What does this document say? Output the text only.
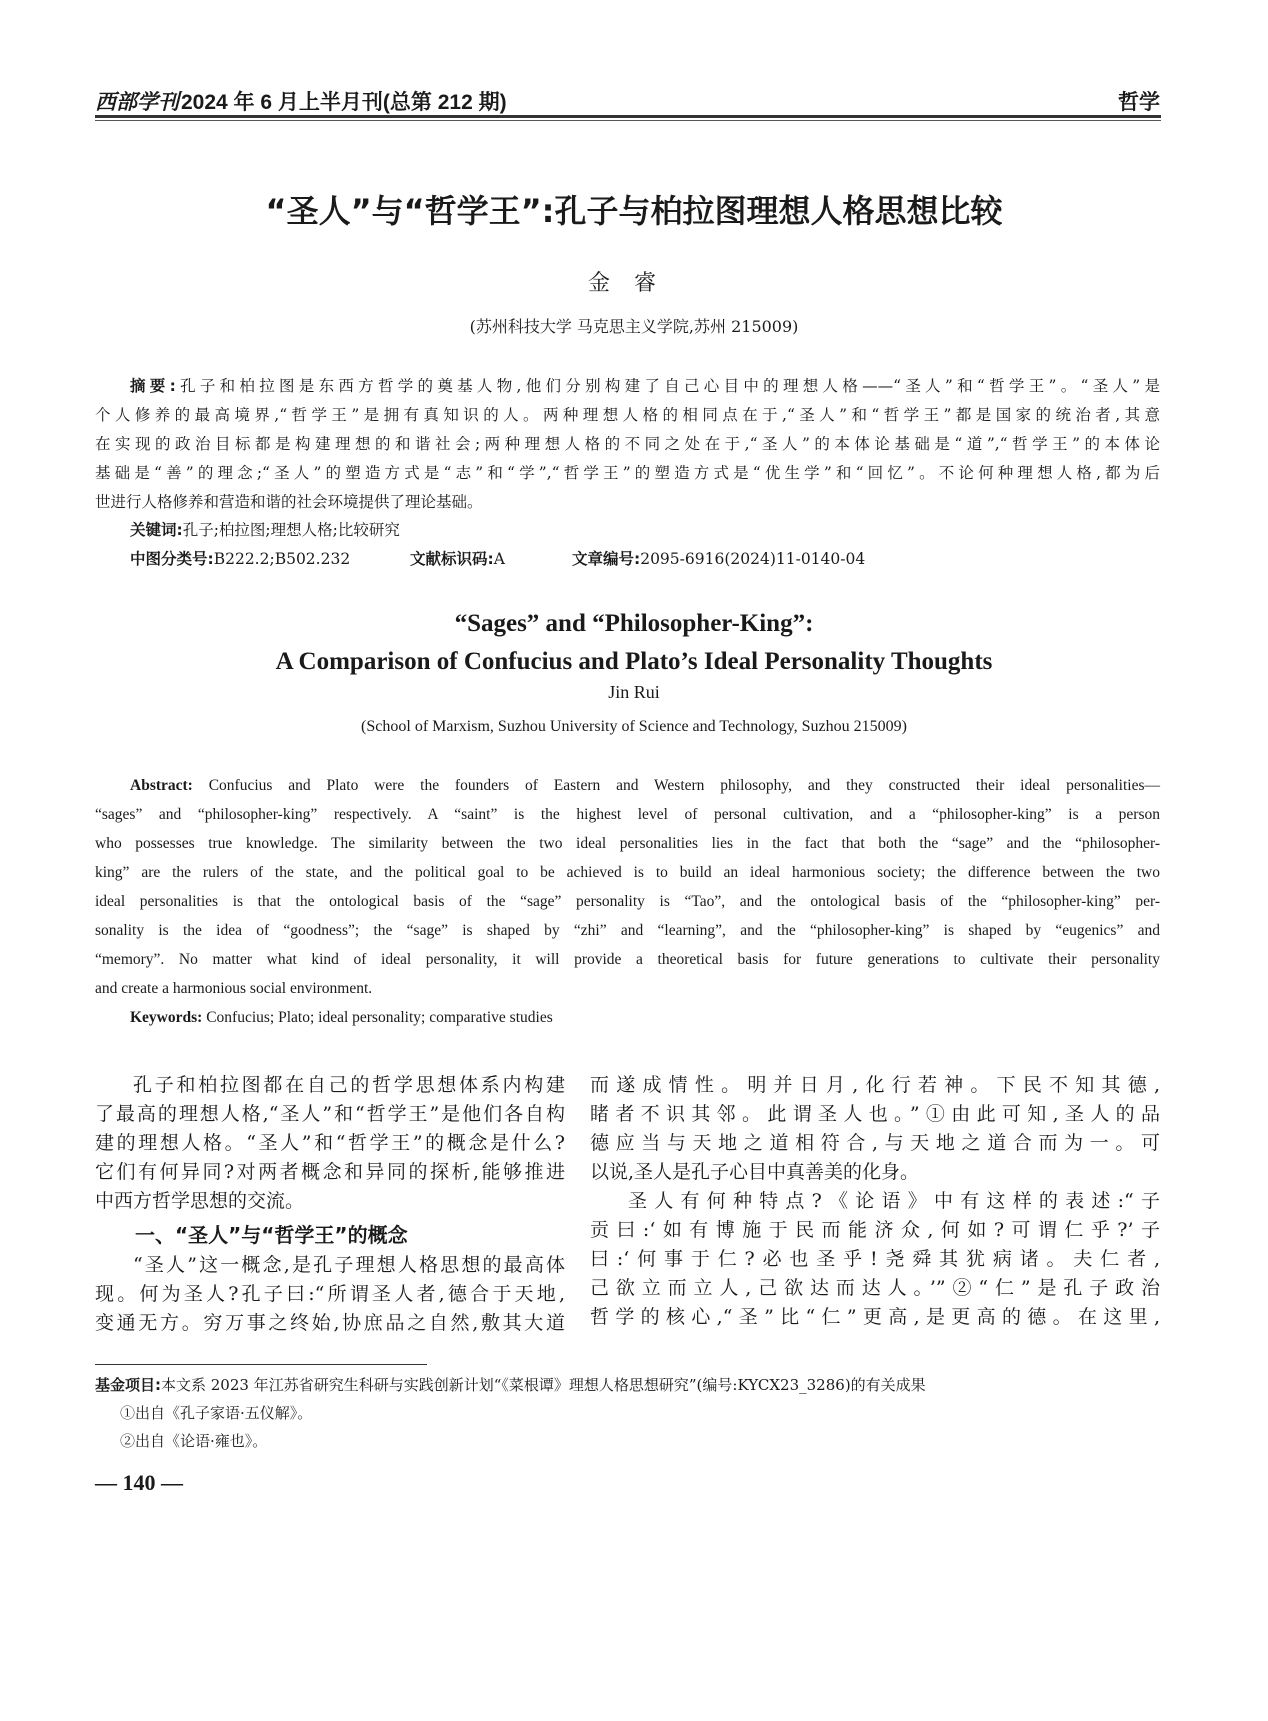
西部学刊2024 年 6 月上半月刊(总第 212 期)	哲学
“圣人”与“哲学王”:孔子与柏拉图理想人格思想比较
金睿
(苏州科技大学 马克思主义学院,苏州 215009)
摘要:孔子和柏拉图是东西方哲学的奠基人物,他们分别构建了自己心目中的理想人格——“圣人”和“哲学王”。“圣人”是
个人修养的最高境界,“哲学王”是拥有真知识的人。两种理想人格的相同点在于,“圣人”和“哲学王”都是国家的统治者,其意
在实现的政治目标都是构建理想的和谐社会;两种理想人格的不同之处在于,“圣人”的本体论基础是“道”,“哲学王”的本体论
基础是“善”的理念;“圣人”的塑造方式是“志”和“学”,“哲学王”的塑造方式是“优生学”和“回忆”。不论何种理想人格,都为后
世进行人格修养和营造和谐的社会环境提供了理论基础。
关键词:孔子;柏拉图;理想人格;比较研究
中图分类号:B222.2;B502.232	文献标识码:A	文章编号:2095-6916(2024)11-0140-04
“Sages” and “Philosopher-King”:
A Comparison of Confucius and Plato’s Ideal Personality Thoughts
Jin Rui
(School of Marxism, Suzhou University of Science and Technology, Suzhou 215009)
Abstract: Confucius and Plato were the founders of Eastern and Western philosophy, and they constructed their ideal personalities—
“sages” and “philosopher-king” respectively. A “saint” is the highest level of personal cultivation, and a “philosopher-king” is a person
who possesses true knowledge. The similarity between the two ideal personalities lies in the fact that both the “sage” and the “philosopher-
king” are the rulers of the state, and the political goal to be achieved is to build an ideal harmonious society; the difference between the two
ideal personalities is that the ontological basis of the “sage” personality is “Tao”, and the ontological basis of the “philosopher-king” per-
sonality is the idea of “goodness”; the “sage” is shaped by “zhi” and “learning”, and the “philosopher-king” is shaped by “eugenics” and
“memory”. No matter what kind of ideal personality, it will provide a theoretical basis for future generations to cultivate their personality
and create a harmonious social environment.
Keywords: Confucius; Plato; ideal personality; comparative studies
孔子和柏拉图都在自己的哲学思想体系内构建
了最高的理想人格,“圣人”和“哲学王”是他们各自构
建的理想人格。“圣人”和“哲学王”的概念是什么?
它们有何异同?对两者概念和异同的探析,能够推进
中西方哲学思想的交流。
“圣人”这一概念,是孔子理想人格思想的最高体
现。何为圣人?孔子曰:“所谓圣人者,德合于天地,
变通无方。穷万事之终始,协庶品之自然,敷其大道
而遂成情性。明并日月,化行若神。下民不知其德,
睹者不识其邻。此谓圣人也。”①由此可知,圣人的品
德应当与天地之道相符合,与天地之道合而为一。可
以说,圣人是孔子心目中真善美的化身。
圣人有何种特点?《论语》中有这样的表述:“子
贡曰:‘如有博施于民而能济众,何如?可谓仁乎?’子
曰:‘何事于仁?必也圣乎!尧舜其犹病诸。夫仁者,
己欲立而立人,己欲达而达人。’”②“仁”是孔子政治
哲学的核心,“圣”比“仁”更高,是更高的德。在这里,
一、“圣人”与“哲学王”的概念
基金项目:本文系 2023 年江苏省研究生科研与实践创新计划“《菜根谭》理想人格思想研究”(编号:KYCX23_3286)的有关成果
①出自《孔子家语·五仪解》。
②出自《论语·雍也》。
— 140 —
